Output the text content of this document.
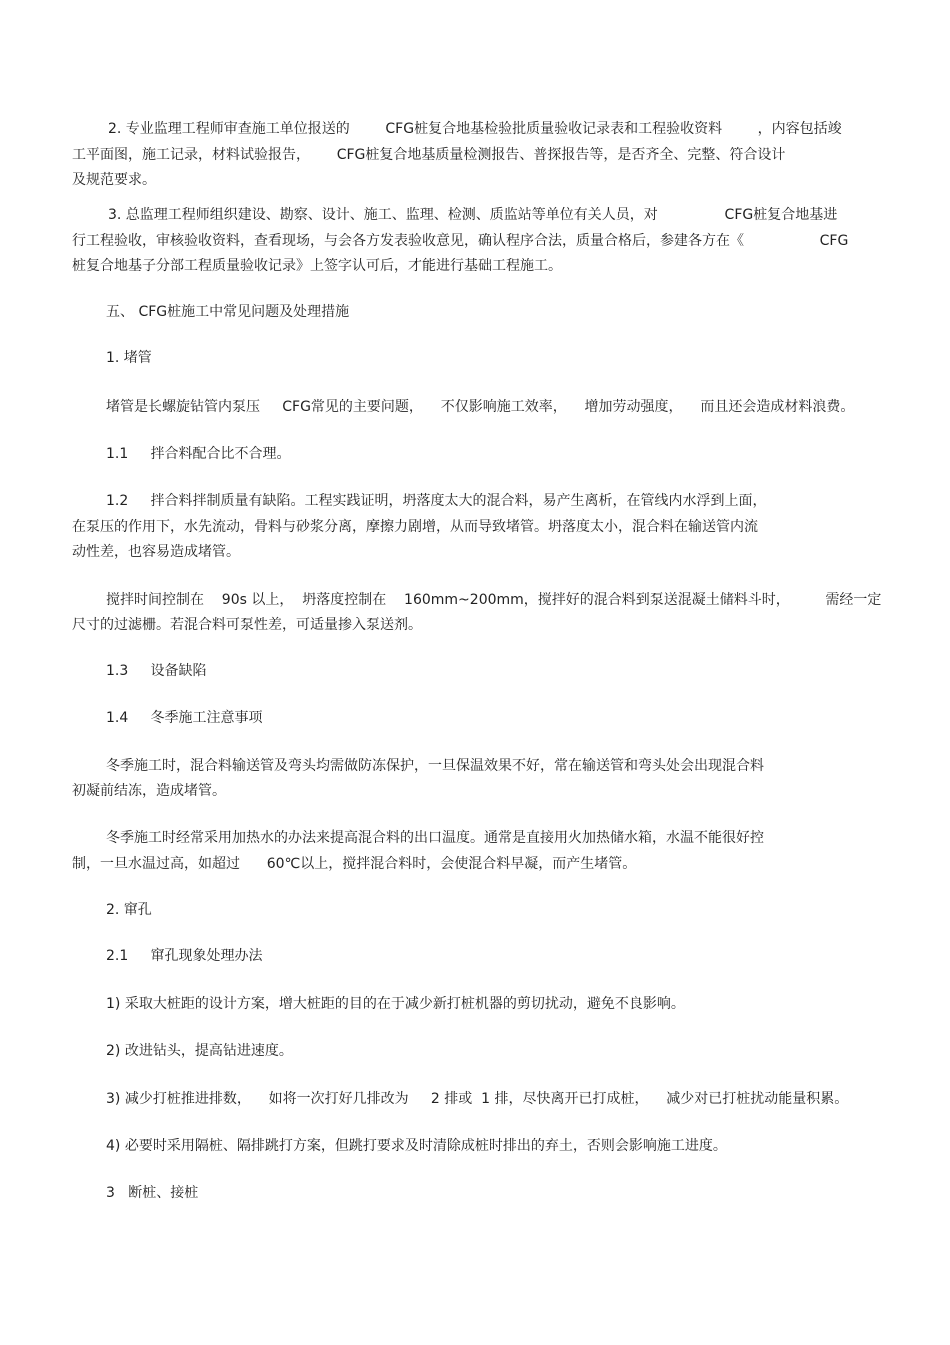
2. 专业监理工程师审查施工单位报送的        CFG桩复合地基检验批质量验收记录表和工程验收资料        ，内容包括竣
工平面图，施工记录，材料试验报告，      CFG桩复合地基质量检测报告、普探报告等，是否齐全、完整、符合设计
及规范要求。
3. 总监理工程师组织建设、勘察、设计、施工、监理、检测、质监站等单位有关人员，对               CFG桩复合地基进
行工程验收，审核验收资料，查看现场，与会各方发表验收意见，确认程序合法，质量合格后，参建各方在《                 CFG
桩复合地基子分部工程质量验收记录》上签字认可后，才能进行基础工程施工。
五、 CFG桩施工中常见问题及处理措施
1. 堵管
堵管是长螺旋钻管内泵压     CFG常见的主要问题，    不仅影响施工效率，    增加劳动强度，    而且还会造成材料浪费。
1.1     拌合料配合比不合理。
1.2     拌合料拌制质量有缺陷。工程实践证明，坍落度太大的混合料，易产生离析，在管线内水浮到上面，
在泵压的作用下，水先流动，骨料与砂浆分离，摩擦力剧增，从而导致堵管。坍落度太小，混合料在输送管内流
动性差，也容易造成堵管。
搅拌时间控制在    90s 以上，  坍落度控制在    160mm~200mm，搅拌好的混合料到泵送混凝土储料斗时，        需经一定
尺寸的过滤栅。若混合料可泵性差，可适量掺入泵送剂。
1.3     设备缺陷
1.4     冬季施工注意事项
冬季施工时，混合料输送管及弯头均需做防冻保护，一旦保温效果不好，常在输送管和弯头处会出现混合料
初凝前结冻，造成堵管。
冬季施工时经常采用加热水的办法来提高混合料的出口温度。通常是直接用火加热储水箱，水温不能很好控
制，一旦水温过高，如超过      60℃以上，搅拌混合料时，会使混合料早凝，而产生堵管。
2. 窜孔
2.1     窜孔现象处理办法
1) 采取大桩距的设计方案，增大桩距的目的在于减少新打桩机器的剪切扰动，避免不良影响。
2) 改进钻头，提高钻进速度。
3) 减少打桩推进排数，    如将一次打好几排改为     2 排或  1 排，尽快离开已打成桩，    减少对已打桩扰动能量积累。
4) 必要时采用隔桩、隔排跳打方案，但跳打要求及时清除成桩时排出的弃土，否则会影响施工进度。
3   断桩、接桩
